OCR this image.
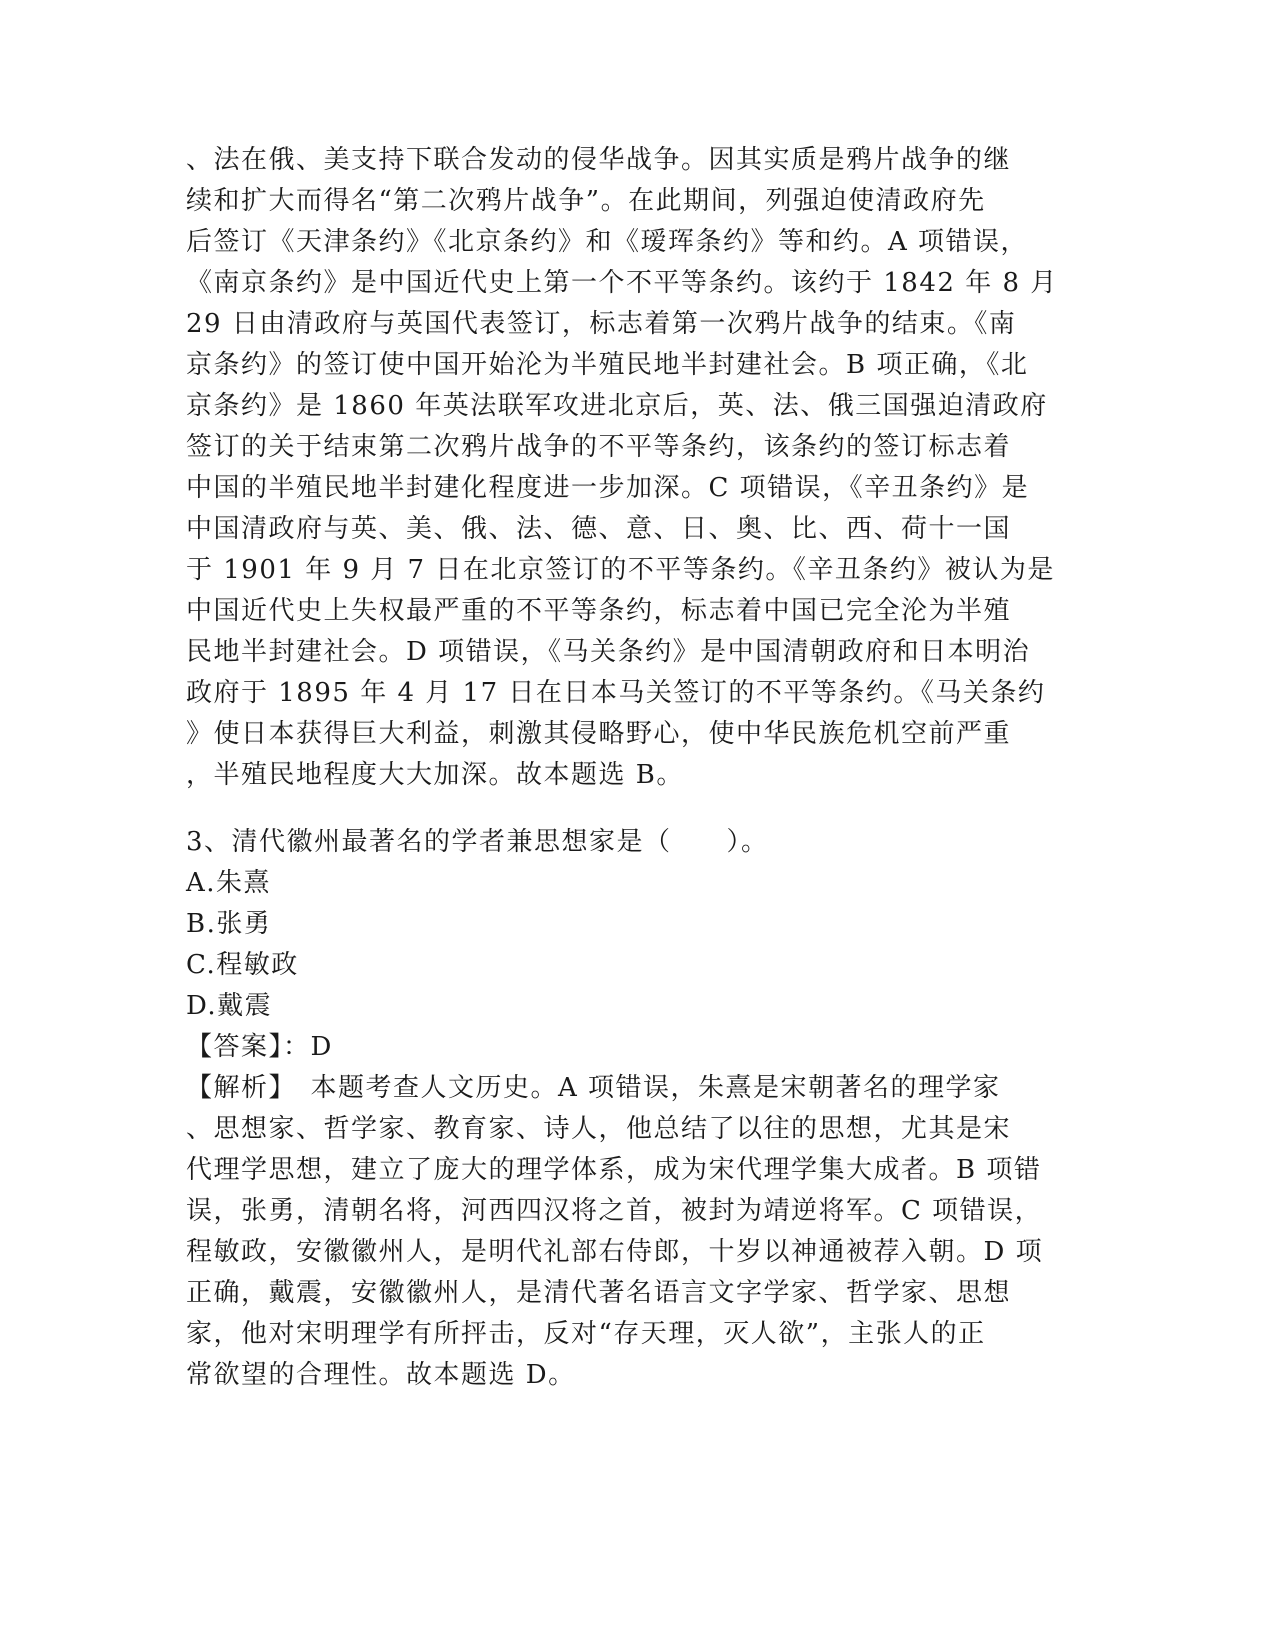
、法在俄、美支持下联合发动的侵华战争。因其实质是鸦片战争的继

续和扩大而得名“第二次鸦片战争”。在此期间，列强迫使清政府先

后签订《天津条约》《北京条约》和《瑷珲条约》等和约。A 项错误，

《南京条约》是中国近代史上第一个不平等条约。该约于 1842 年 8 月

29 日由清政府与英国代表签订，标志着第一次鸦片战争的结束。《南

京条约》的签订使中国开始沦为半殖民地半封建社会。B 项正确，《北

京条约》是 1860 年英法联军攻进北京后，英、法、俄三国强迫清政府

签订的关于结束第二次鸦片战争的不平等条约，该条约的签订标志着

中国的半殖民地半封建化程度进一步加深。C 项错误，《辛丑条约》是

中国清政府与英、美、俄、法、德、意、日、奥、比、西、荷十一国

于 1901 年 9 月 7 日在北京签订的不平等条约。《辛丑条约》被认为是

中国近代史上失权最严重的不平等条约，标志着中国已完全沦为半殖

民地半封建社会。D 项错误，《马关条约》是中国清朝政府和日本明治

政府于 1895 年 4 月 17 日在日本马关签订的不平等条约。《马关条约

》使日本获得巨大利益，刺激其侵略野心，使中华民族危机空前严重

，半殖民地程度大大加深。故本题选 B。

3、清代徽州最著名的学者兼思想家是（　　）。

A.朱熹

B.张勇

C.程敏政

D.戴震

【答案】：D

【解析】　本题考查人文历史。A 项错误，朱熹是宋朝著名的理学家

、思想家、哲学家、教育家、诗人，他总结了以往的思想，尤其是宋

代理学思想，建立了庞大的理学体系，成为宋代理学集大成者。B 项错

误，张勇，清朝名将，河西四汉将之首，被封为靖逆将军。C 项错误，

程敏政，安徽徽州人，是明代礼部右侍郎，十岁以神通被荐入朝。D 项

正确，戴震，安徽徽州人，是清代著名语言文字学家、哲学家、思想

家，他对宋明理学有所抨击，反对“存天理，灭人欲”，主张人的正

常欲望的合理性。故本题选 D。
